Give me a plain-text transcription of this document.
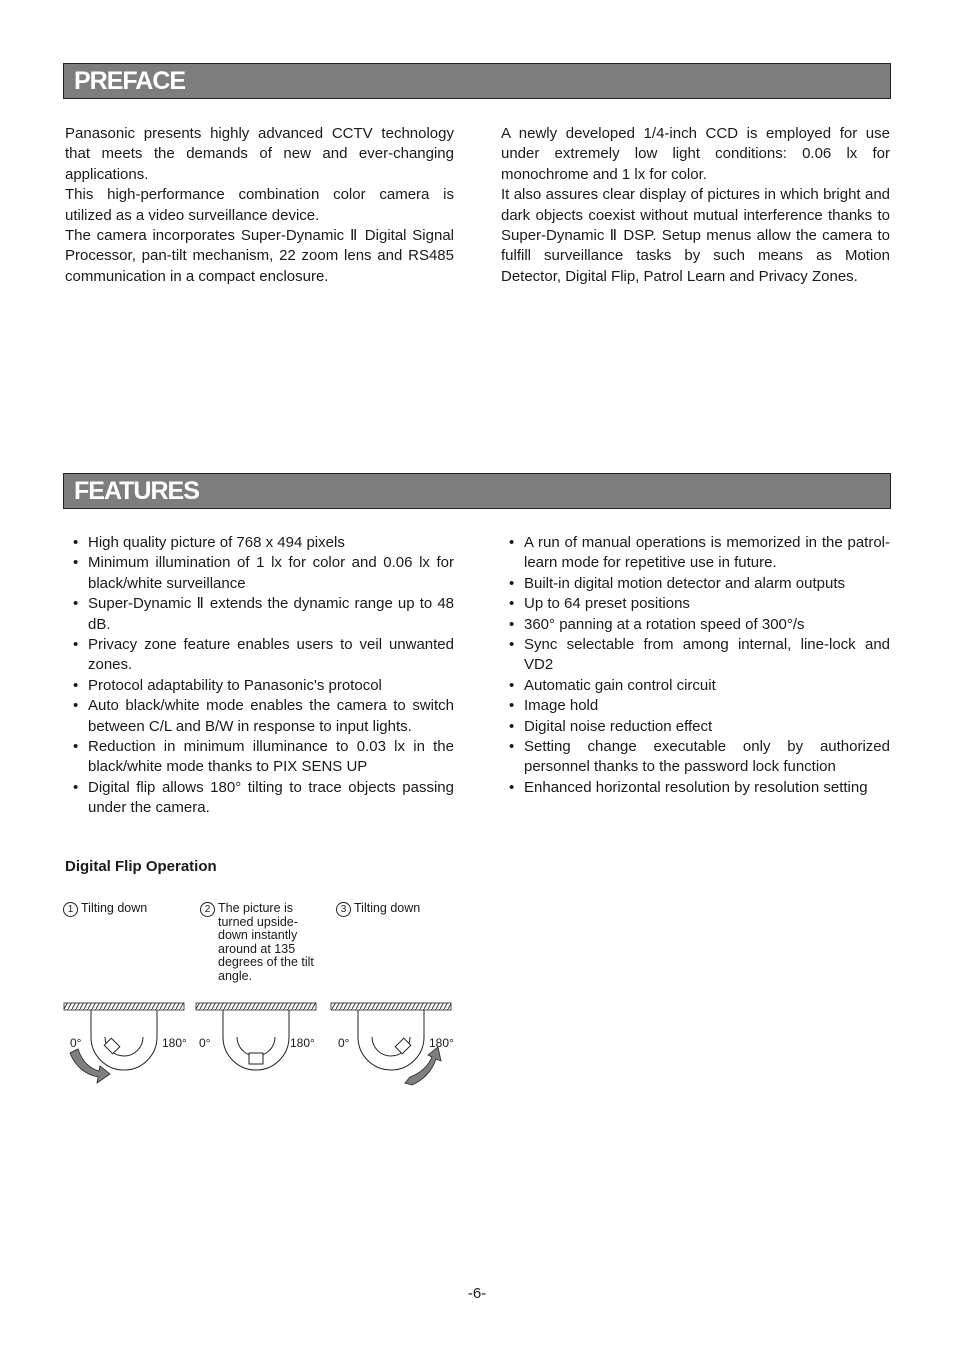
PREFACE

Panasonic presents highly advanced CCTV technology that meets the demands of new and ever-changing applications.

This high-performance combination color camera is utilized as a video surveillance device.

The camera incorporates Super-Dynamic Ⅱ Digital Signal Processor, pan-tilt mechanism, 22 zoom lens and RS485 communication in a compact enclosure.

A newly developed 1/4-inch CCD is employed for use under extremely low light conditions: 0.06 lx for monochrome and 1 lx for color.

It also assures clear display of pictures in which bright and dark objects coexist without mutual interference thanks to Super-Dynamic Ⅱ DSP. Setup menus allow the camera to fulfill surveillance tasks by such means as Motion Detector, Digital Flip, Patrol Learn and Privacy Zones.

FEATURES
• High quality picture of 768 x 494 pixels
• Minimum illumination of 1 lx for color and 0.06 lx for black/white surveillance
• Super-Dynamic Ⅱ extends the dynamic range up to 48 dB.
• Privacy zone feature enables users to veil unwanted zones.
• Protocol adaptability to Panasonic's protocol
• Auto black/white mode enables the camera to switch between C/L and B/W in response to input lights.
• Reduction in minimum illuminance to 0.03 lx in the black/white mode thanks to PIX SENS UP
• Digital flip allows 180° tilting to trace objects passing under the camera.
• A run of manual operations is memorized in the patrol-learn mode for repetitive use in future.
• Built-in digital motion detector and alarm outputs
• Up to 64 preset positions
• 360° panning at a rotation speed of 300°/s
• Sync selectable from among internal, line-lock and VD2
• Automatic gain control circuit
• Image hold
• Digital noise reduction effect
• Setting change executable only by authorized personnel thanks to the password lock function
• Enhanced horizontal resolution by resolution setting
Digital Flip Operation
1 Tilting down	2 The picture is turned upside-down instantly around at 135 degrees of the tilt angle.
3 Tilting down
0°	180° 0°	180° 0°	180°
-6-
